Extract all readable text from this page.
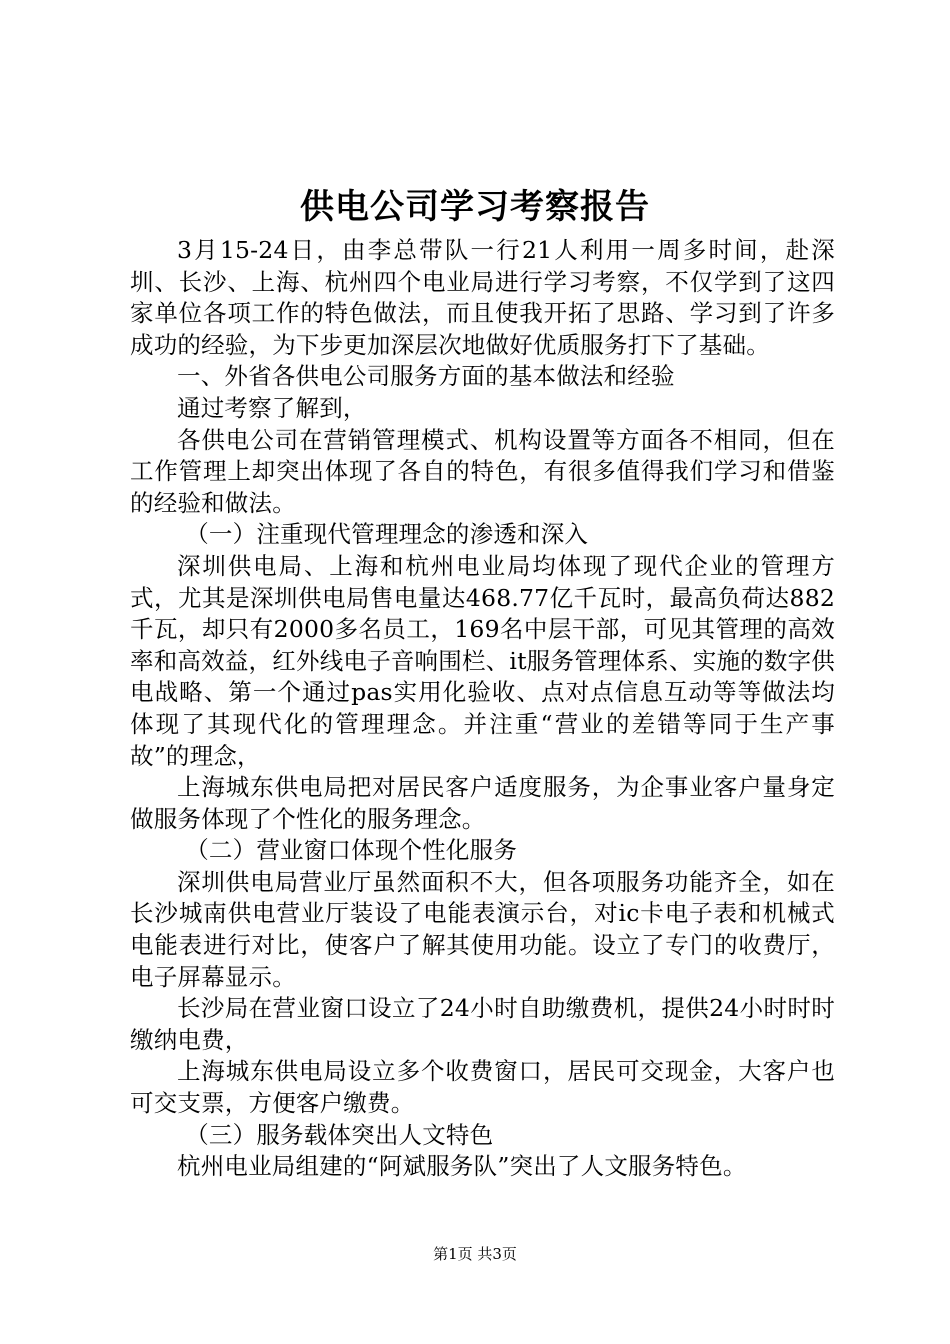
供电公司学习考察报告

3月15-24日，由李总带队一行21人利用一周多时间，赴深圳、长沙、上海、杭州四个电业局进行学习考察，不仅学到了这四家单位各项工作的特色做法，而且使我开拓了思路、学习到了许多成功的经验，为下步更加深层次地做好优质服务打下了基础。

一、外省各供电公司服务方面的基本做法和经验

通过考察了解到，

各供电公司在营销管理模式、机构设置等方面各不相同，但在工作管理上却突出体现了各自的特色，有很多值得我们学习和借鉴的经验和做法。

（一）注重现代管理理念的渗透和深入

深圳供电局、上海和杭州电业局均体现了现代企业的管理方式，尤其是深圳供电局售电量达468.77亿千瓦时，最高负荷达882千瓦，却只有2000多名员工，169名中层干部，可见其管理的高效率和高效益，红外线电子音响围栏、it服务管理体系、实施的数字供电战略、第一个通过pas实用化验收、点对点信息互动等等做法均体现了其现代化的管理理念。并注重“营业的差错等同于生产事故”的理念，

上海城东供电局把对居民客户适度服务，为企事业客户量身定做服务体现了个性化的服务理念。

（二）营业窗口体现个性化服务

深圳供电局营业厅虽然面积不大，但各项服务功能齐全，如在长沙城南供电营业厅装设了电能表演示台，对ic卡电子表和机械式电能表进行对比，使客户了解其使用功能。设立了专门的收费厅，电子屏幕显示。

长沙局在营业窗口设立了24小时自助缴费机，提供24小时时时缴纳电费，

上海城东供电局设立多个收费窗口，居民可交现金，大客户也可交支票，方便客户缴费。

（三）服务载体突出人文特色

杭州电业局组建的“阿斌服务队”突出了人文服务特色。

第1页 共3页
